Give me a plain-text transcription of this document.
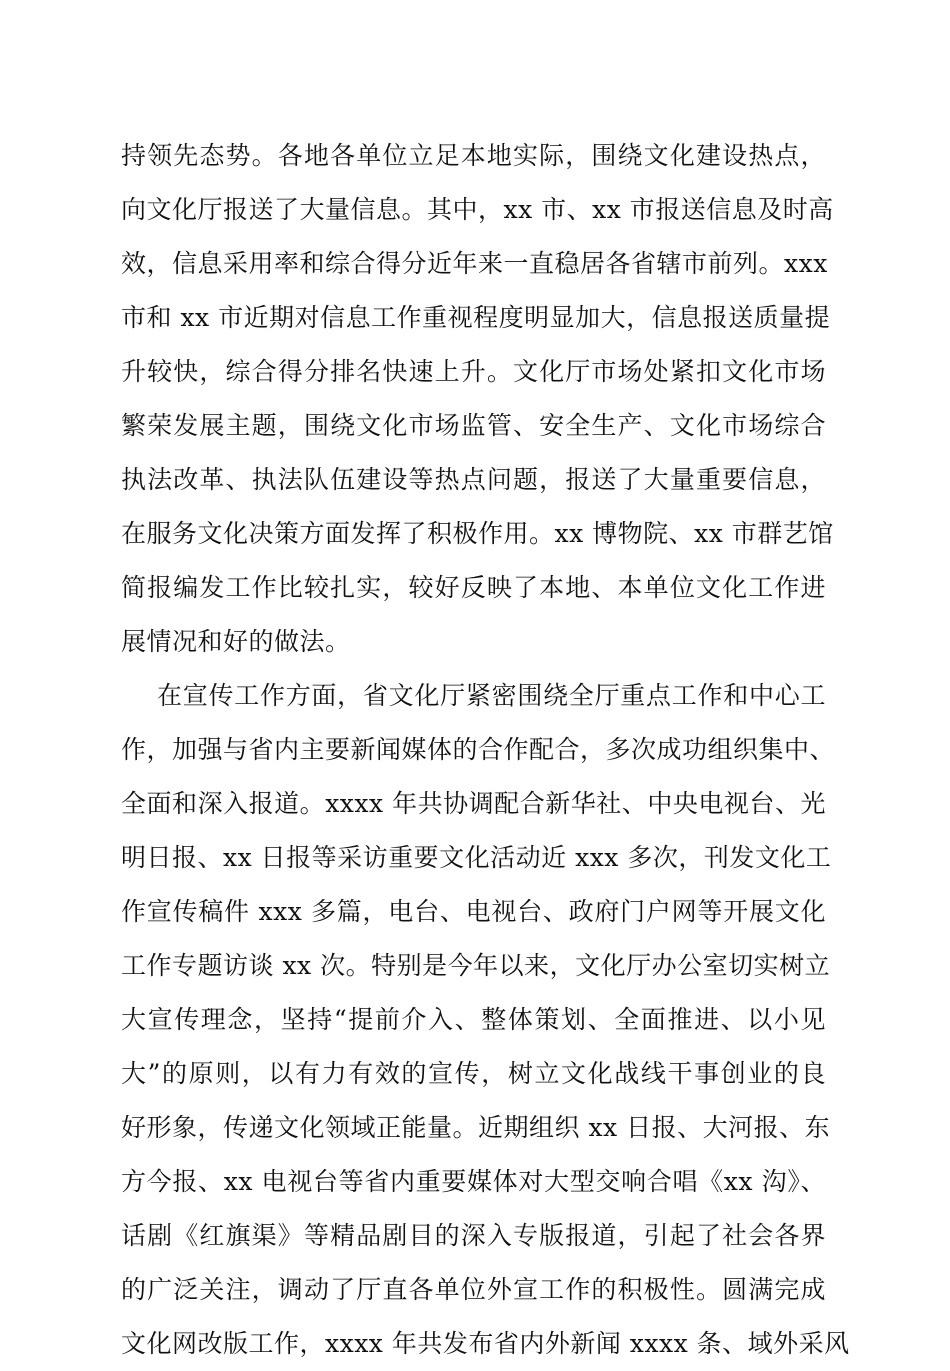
持领先态势。各地各单位立足本地实际，围绕文化建设热点，
向文化厅报送了大量信息。其中，xx 市、xx 市报送信息及时高
效，信息采用率和综合得分近年来一直稳居各省辖市前列。xxx
市和 xx 市近期对信息工作重视程度明显加大，信息报送质量提
升较快，综合得分排名快速上升。文化厅市场处紧扣文化市场
繁荣发展主题，围绕文化市场监管、安全生产、文化市场综合
执法改革、执法队伍建设等热点问题，报送了大量重要信息，
在服务文化决策方面发挥了积极作用。xx 博物院、xx 市群艺馆
简报编发工作比较扎实，较好反映了本地、本单位文化工作进
展情况和好的做法。
在宣传工作方面，省文化厅紧密围绕全厅重点工作和中心工
作，加强与省内主要新闻媒体的合作配合，多次成功组织集中、
全面和深入报道。xxxx 年共协调配合新华社、中央电视台、光
明日报、xx 日报等采访重要文化活动近 xxx 多次，刊发文化工
作宣传稿件 xxx 多篇，电台、电视台、政府门户网等开展文化
工作专题访谈 xx 次。特别是今年以来，文化厅办公室切实树立
大宣传理念，坚持“提前介入、整体策划、全面推进、以小见
大”的原则，以有力有效的宣传，树立文化战线干事创业的良
好形象，传递文化领域正能量。近期组织 xx 日报、大河报、东
方今报、xx 电视台等省内重要媒体对大型交响合唱《xx 沟》、
话剧《红旗渠》等精品剧目的深入专版报道，引起了社会各界
的广泛关注，调动了厅直各单位外宣工作的积极性。圆满完成
文化网改版工作，xxxx 年共发布省内外新闻 xxxx 条、域外采风
